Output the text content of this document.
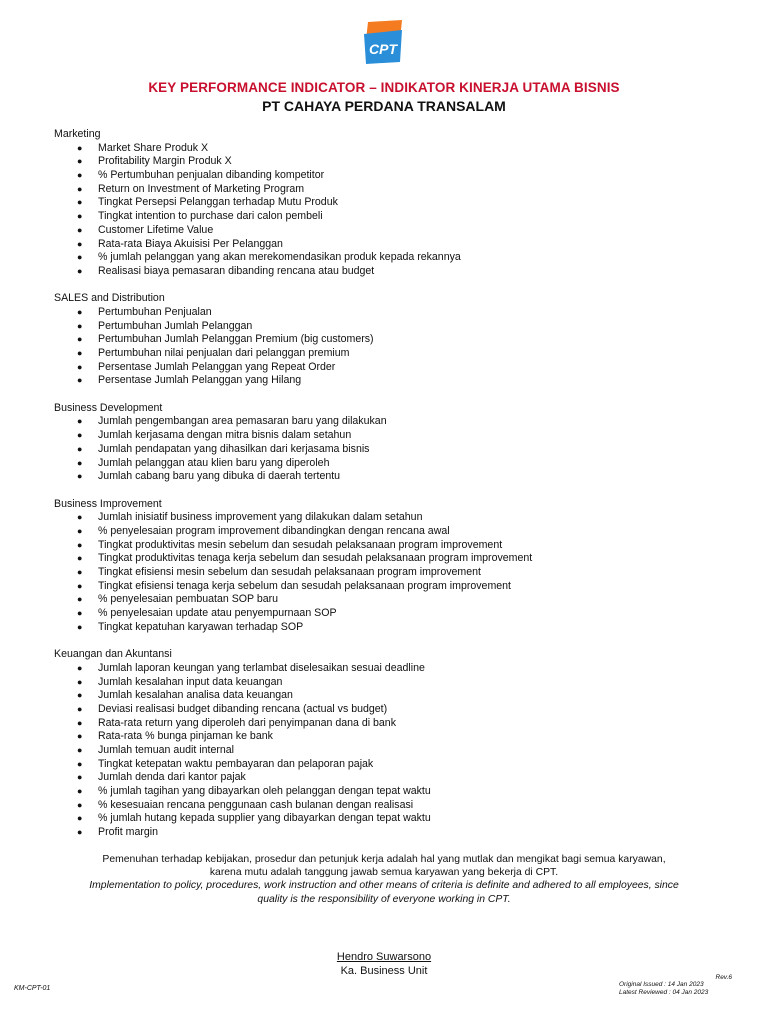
CPT
KEY PERFORMANCE INDICATOR – INDIKATOR KINERJA UTAMA BISNIS
PT CAHAYA PERDANA TRANSALAM
Marketing
● Market Share Produk X
● Profitability Margin Produk X
● % Pertumbuhan penjualan dibanding kompetitor
● Return on Investment of Marketing Program
● Tingkat Persepsi Pelanggan terhadap Mutu Produk
● Tingkat intention to purchase dari calon pembeli
● Customer Lifetime Value
● Rata-rata Biaya Akuisisi Per Pelanggan
● % jumlah pelanggan yang akan merekomendasikan produk kepada rekannya
● Realisasi biaya pemasaran dibanding rencana atau budget
SALES and Distribution
● Pertumbuhan Penjualan
● Pertumbuhan Jumlah Pelanggan
● Pertumbuhan Jumlah Pelanggan Premium (big customers)
● Pertumbuhan nilai penjualan dari pelanggan premium
● Persentase Jumlah Pelanggan yang Repeat Order
● Persentase Jumlah Pelanggan yang Hilang
Business Development
● Jumlah pengembangan area pemasaran baru yang dilakukan
● Jumlah kerjasama dengan mitra bisnis dalam setahun
● Jumlah pendapatan yang dihasilkan dari kerjasama bisnis
● Jumlah pelanggan atau klien baru yang diperoleh
● Jumlah cabang baru yang dibuka di daerah tertentu
Business Improvement
● Jumlah inisiatif business improvement yang dilakukan dalam setahun
● % penyelesaian program improvement dibandingkan dengan rencana awal
● Tingkat produktivitas mesin sebelum dan sesudah pelaksanaan program improvement
● Tingkat produktivitas tenaga kerja sebelum dan sesudah pelaksanaan program improvement
● Tingkat efisiensi mesin sebelum dan sesudah pelaksanaan program improvement
● Tingkat efisiensi tenaga kerja sebelum dan sesudah pelaksanaan program improvement
● % penyelesaian pembuatan SOP baru
● % penyelesaian update atau penyempurnaan SOP
● Tingkat kepatuhan karyawan terhadap SOP
Keuangan dan Akuntansi
● Jumlah laporan keungan yang terlambat diselesaikan sesuai deadline
● Jumlah kesalahan input data keuangan
● Jumlah kesalahan analisa data keuangan
● Deviasi realisasi budget dibanding rencana (actual vs budget)
● Rata-rata return yang diperoleh dari penyimpanan dana di bank
● Rata-rata % bunga pinjaman ke bank
● Jumlah temuan audit internal
● Tingkat ketepatan waktu pembayaran dan pelaporan pajak
● Jumlah denda dari kantor pajak
● % jumlah tagihan yang dibayarkan oleh pelanggan dengan tepat waktu
● % kesesuaian rencana penggunaan cash bulanan dengan realisasi
● % jumlah hutang kepada supplier yang dibayarkan dengan tepat waktu
● Profit margin
Pemenuhan terhadap kebijakan, prosedur dan petunjuk kerja adalah hal yang mutlak dan mengikat bagi semua karyawan,
karena mutu adalah tanggung jawab semua karyawan yang bekerja di CPT.
Implementation to policy, procedures, work instruction and other means of criteria is definite and adhered to all employees, since
quality is the responsibility of everyone working in CPT.
Hendro Suwarsono
Ka. Business Unit
KM-CPT-01
Rev.6
Original Issued : 14 Jan 2023
Latest Reviewed : 04 Jan 2023
